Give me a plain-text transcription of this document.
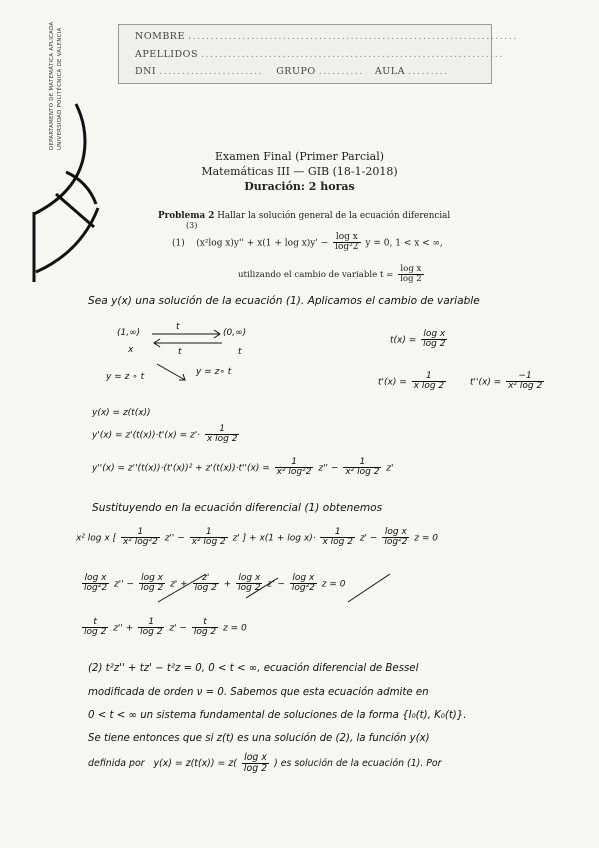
DEPARTAMENTO DE MATEMÁTICA APLICADA UNIVERSIDAD POLITÉCNICA DE VALENCIA	NOMBRE .........................................................................
APELLIDOS ...................................................................
DNI ....................... GRUPO .......... AULA .........
Examen Final (Primer Parcial)
Matemáticas III — GIB (18-1-2018)
Duración: 2 horas
Problema 2 Hallar la solución general de la ecuación diferencial
(3)
(1) (x²log $x)y'' + x(1 + \log x)y' - \frac{\text{log x}}{\text{log²2}}$ y = 0, 1 < x < ∞,
utilizando el cambio de variable $t = \frac{\text{log x}}{\log 2}$
Sea y(x) una solución de la ecuación (1). Aplicamos el cambio de variable
(1,∞)
t
(0,∞)
x	t	t
y = z ∘ t	y = z∘ t
$t(x) = \frac{\text{log x}}{\log 2}$
$t'(x) = \frac{1}{\text{x log 2}}$	$t''(x) = \frac{-1}{\text{x² log 2}}$
y(x) = z(t(x))
$y'(x) = z'(t(x))\cdot t'(x) = z'\cdot \frac{1}{\text{x log 2}}$
$y''(x) = z''(t(x))\cdot(t'(x))^2 + z'(t(x))\cdot t''(x) = \frac{1}{\text{x² log²2}} z'' - \frac{1}{\text{x² log 2}} z'$
Sustituyendo en la ecuación diferencial (1) obtenemos
x² log x [ $\frac{1}{\text{x² log²2}} z'' - \frac{1}{\text{x² log 2}} z'$ ] + $x(1 + \log x)\cdot \frac{1}{\text{x log 2}} z' - \frac{\text{log x}}{\text{log²2}}$ z = 0
$\frac{\text{log x}}{\text{log²2}} z'' - \frac{\text{log x}}{\log 2} z' + \frac{z'}{\log 2} + \frac{\text{log x}}{\log 2} z' - \frac{\text{log x}}{\text{log²2}}$ z = 0
$\frac{t}{\log 2} z'' + \frac{1}{\log 2} z' - \frac{t}{\log 2}$ z = 0
(2) t²z'' + tz' − t²z = 0, 0 < t < ∞, ecuación diferencial de Bessel
modificada de orden ν = 0. Sabemos que esta ecuación admite en
0 < t < ∞ un sistema fundamental de soluciones de la forma {I₀(t), K₀(t)}.
Se tiene entonces que si z(t) es una solución de (2), la función y(x)
definida por $y(x) = z(t(x)) = z( \frac{\text{log x}}{\log 2}$ ) es solución de la ecuación (1). Por
